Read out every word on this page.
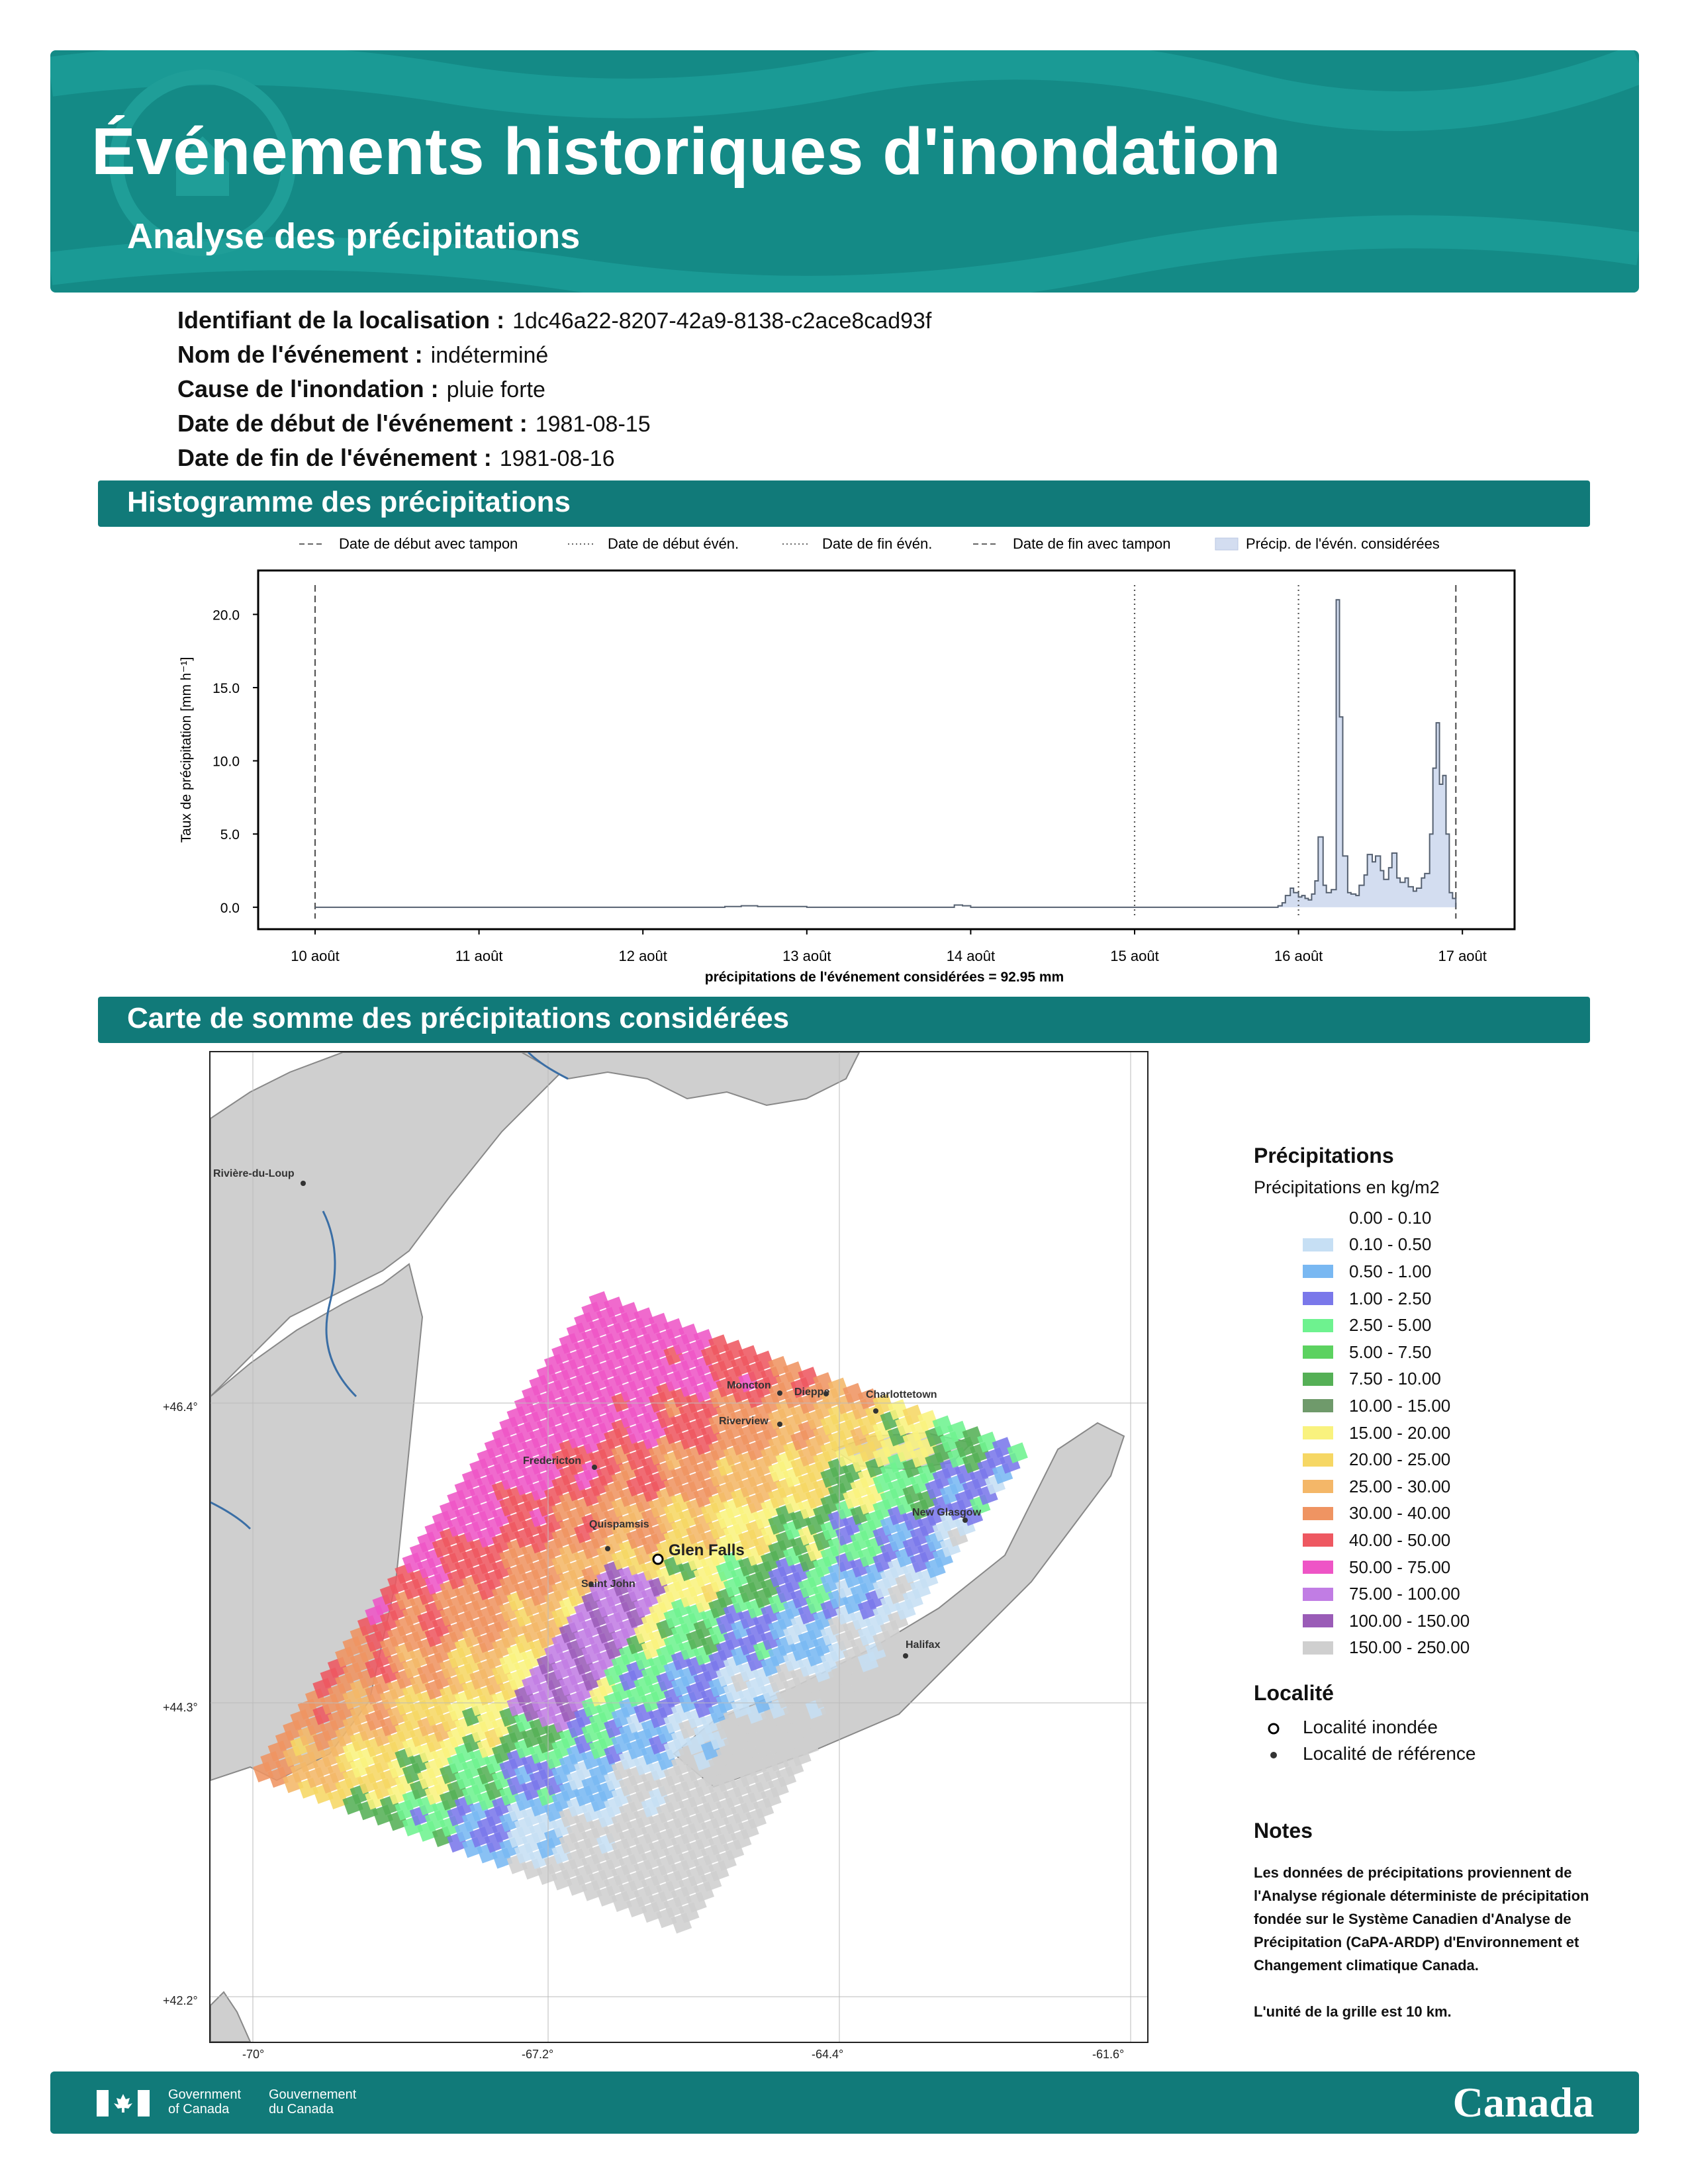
Événements historiques d'inondation
Analyse des précipitations
Identifiant de la localisation : 1dc46a22-8207-42a9-8138-c2ace8cad93f
Nom de l'événement : indéterminé
Cause de l'inondation : pluie forte
Date de début de l'événement : 1981-08-15
Date de fin de l'événement : 1981-08-16
Histogramme des précipitations
Date de début avec tampon	Date de début évén.	Date de fin évén.	Date de fin avec tampon	Précip. de l'évén. considérées
0.0
5.0
10.0
15.0
20.0
10 août	11 août	12 août	13 août	14 août	15 août	16 août	17 août
Taux de précipitation [mm h⁻¹]
précipitations de l'événement considérées = 92.95 mm
Carte de somme des précipitations considérées
Rivière-du-Loup
Moncton
Dieppe
Riverview
Charlottetown
Fredericton
New Glasgow
Quispamsis
Saint John
Halifax
Glen Falls
+46.4°
+44.3°
+42.2°
-70°	-67.2°	-64.4°	-61.6°
Précipitations
Précipitations en kg/m2
0.00 - 0.10
0.10 - 0.50
0.50 - 1.00
1.00 - 2.50
2.50 - 5.00
5.00 - 7.50
7.50 - 10.00
10.00 - 15.00
15.00 - 20.00
20.00 - 25.00
25.00 - 30.00
30.00 - 40.00
40.00 - 50.00
50.00 - 75.00
75.00 - 100.00
100.00 - 150.00
150.00 - 250.00
Localité
Localité inondée
Localité de référence
Notes
Les données de précipitations proviennent de l'Analyse régionale déterministe de précipitation fondée sur le Système Canadien d'Analyse de Précipitation (CaPA-ARDP) d'Environnement et Changement climatique Canada.
L'unité de la grille est 10 km.
Government
of Canada
Gouvernement
du Canada	Canada
